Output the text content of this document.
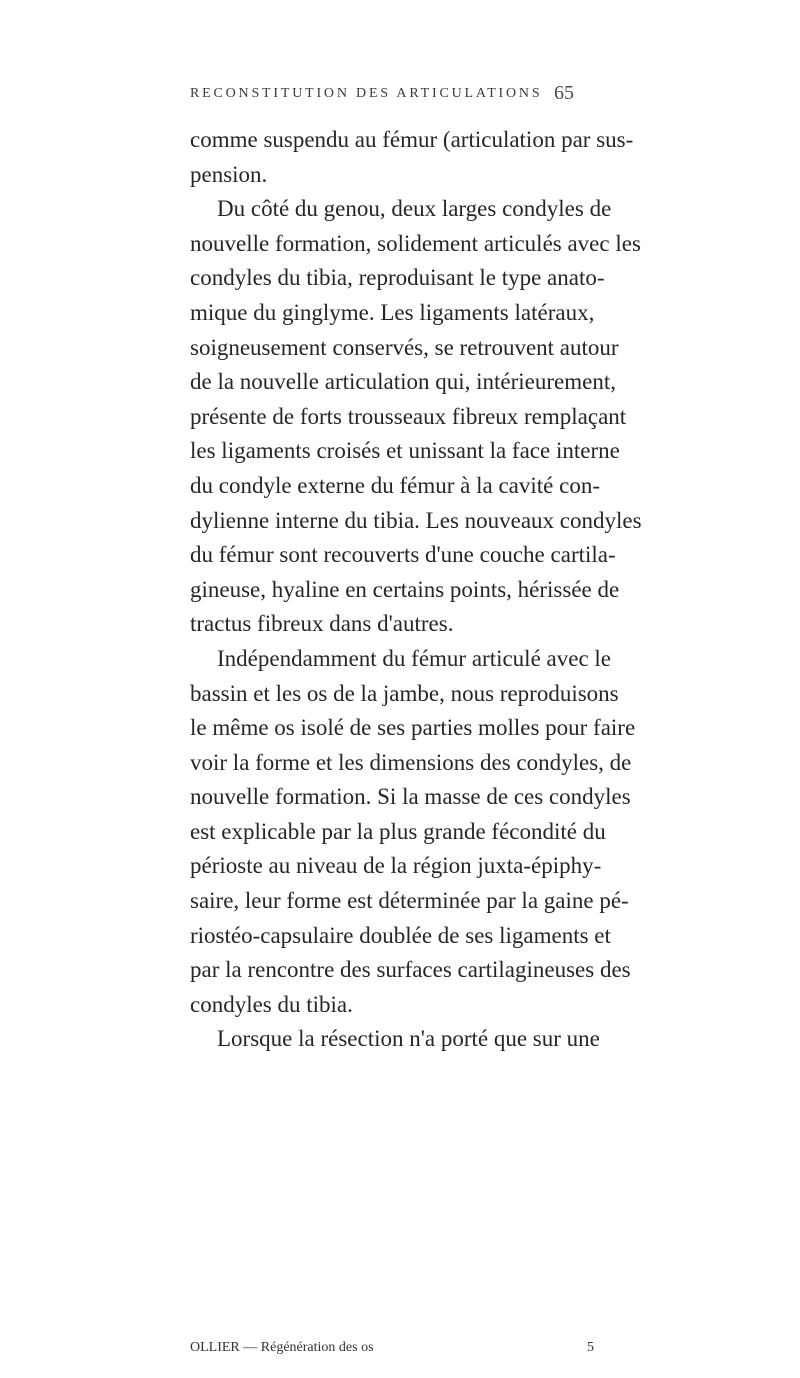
RECONSTITUTION DES ARTICULATIONS 65
comme suspendu au fémur (articulation par sus-
pension.
Du côté du genou, deux larges condyles de
nouvelle formation, solidement articulés avec les
condyles du tibia, reproduisant le type anato-
mique du ginglyme. Les ligaments latéraux,
soigneusement conservés, se retrouvent autour
de la nouvelle articulation qui, intérieurement,
présente de forts trousseaux fibreux remplaçant
les ligaments croisés et unissant la face interne
du condyle externe du fémur à la cavité con-
dylienne interne du tibia. Les nouveaux condyles
du fémur sont recouverts d'une couche cartila-
gineuse, hyaline en certains points, hérissée de
tractus fibreux dans d'autres.
Indépendamment du fémur articulé avec le
bassin et les os de la jambe, nous reproduisons
le même os isolé de ses parties molles pour faire
voir la forme et les dimensions des condyles, de
nouvelle formation. Si la masse de ces condyles
est explicable par la plus grande fécondité du
périoste au niveau de la région juxta-épiphy-
saire, leur forme est déterminée par la gaine pé-
riostéo-capsulaire doublée de ses ligaments et
par la rencontre des surfaces cartilagineuses des
condyles du tibia.
Lorsque la résection n'a porté que sur une
OLLIER — Régénération des os	5
